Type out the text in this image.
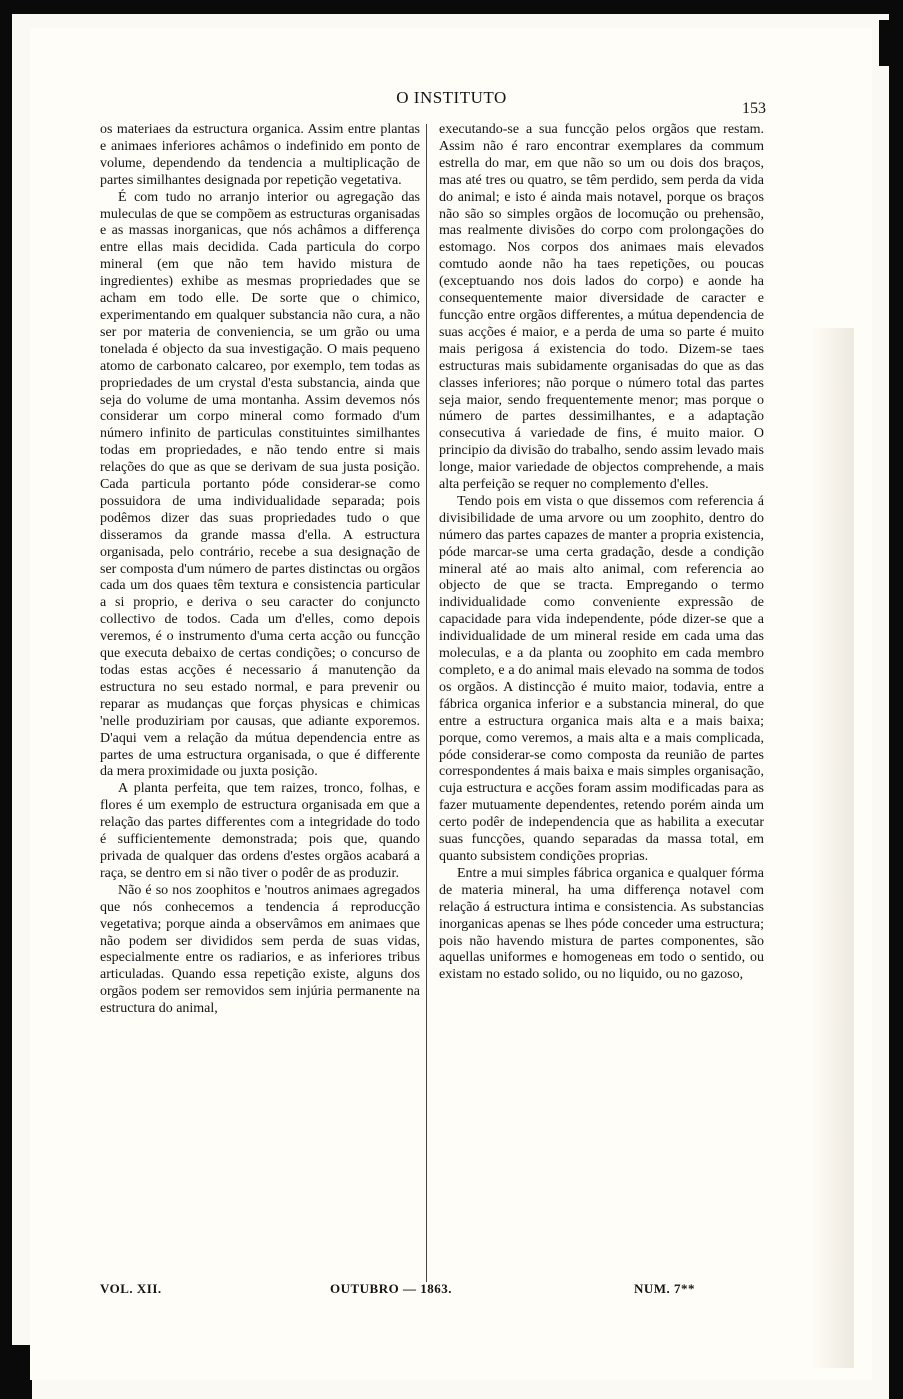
O INSTITUTO
153

os materiaes da estructura organica. Assim entre plantas e animaes inferiores achâmos o indefinido em ponto de volume, dependendo da tendencia a multiplicação de partes similhantes designada por repetição vegetativa.

É com tudo no arranjo interior ou agregação das muleculas de que se compõem as estructuras organisadas e as massas inorganicas, que nós achâmos a differença entre ellas mais decidida. Cada particula do corpo mineral (em que não tem havido mistura de ingredientes) exhibe as mesmas propriedades que se acham em todo elle. De sorte que o chimico, experimentando em qualquer substancia não cura, a não ser por materia de conveniencia, se um grão ou uma tonelada é objecto da sua investigação. O mais pequeno atomo de carbonato calcareo, por exemplo, tem todas as propriedades de um crystal d'esta substancia, ainda que seja do volume de uma montanha. Assim devemos nós considerar um corpo mineral como formado d'um número infinito de particulas constituintes similhantes todas em propriedades, e não tendo entre si mais relações do que as que se derivam de sua justa posição. Cada particula portanto póde considerar-se como possuidora de uma individualidade separada; pois podêmos dizer das suas propriedades tudo o que disseramos da grande massa d'ella. A estructura organisada, pelo contrário, recebe a sua designação de ser composta d'um número de partes distinctas ou orgãos cada um dos quaes têm textura e consistencia particular a si proprio, e deriva o seu caracter do conjuncto collectivo de todos. Cada um d'elles, como depois veremos, é o instrumento d'uma certa acção ou funcção que executa debaixo de certas condições; o concurso de todas estas acções é necessario á manutenção da estructura no seu estado normal, e para prevenir ou reparar as mudanças que forças physicas e chimicas 'nelle produziriam por causas, que adiante exporemos. D'aqui vem a relação da mútua dependencia entre as partes de uma estructura organisada, o que é differente da mera proximidade ou juxta posição.

A planta perfeita, que tem raizes, tronco, folhas, e flores é um exemplo de estructura organisada em que a relação das partes differentes com a integridade do todo é sufficientemente demonstrada; pois que, quando privada de qualquer das ordens d'estes orgãos acabará a raça, se dentro em si não tiver o podêr de as produzir.

Não é so nos zoophitos e 'noutros animaes agregados que nós conhecemos a tendencia á reproducção vegetativa; porque ainda a observâmos em animaes que não podem ser divididos sem perda de suas vidas, especialmente entre os radiarios, e as inferiores tribus articuladas. Quando essa repetição existe, alguns dos orgãos podem ser removidos sem injúria permanente na estructura do animal,

executando-se a sua funcção pelos orgãos que restam. Assim não é raro encontrar exemplares da commum estrella do mar, em que não so um ou dois dos braços, mas até tres ou quatro, se têm perdido, sem perda da vida do animal; e isto é ainda mais notavel, porque os braços não são so simples orgãos de locomução ou prehensão, mas realmente divisões do corpo com prolongações do estomago. Nos corpos dos animaes mais elevados comtudo aonde não ha taes repetições, ou poucas (exceptuando nos dois lados do corpo) e aonde ha consequentemente maior diversidade de caracter e funcção entre orgãos differentes, a mútua dependencia de suas acções é maior, e a perda de uma so parte é muito mais perigosa á existencia do todo. Dizem-se taes estructuras mais subidamente organisadas do que as das classes inferiores; não porque o número total das partes seja maior, sendo frequentemente menor; mas porque o número de partes dessimilhantes, e a adaptação consecutiva á variedade de fins, é muito maior. O principio da divisão do trabalho, sendo assim levado mais longe, maior variedade de objectos comprehende, a mais alta perfeição se requer no complemento d'elles.

Tendo pois em vista o que dissemos com referencia á divisibilidade de uma arvore ou um zoophito, dentro do número das partes capazes de manter a propria existencia, póde marcar-se uma certa gradação, desde a condição mineral até ao mais alto animal, com referencia ao objecto de que se tracta. Empregando o termo individualidade como conveniente expressão de capacidade para vida independente, póde dizer-se que a individualidade de um mineral reside em cada uma das moleculas, e a da planta ou zoophito em cada membro completo, e a do animal mais elevado na somma de todos os orgãos. A distincção é muito maior, todavia, entre a fábrica organica inferior e a substancia mineral, do que entre a estructura organica mais alta e a mais baixa; porque, como veremos, a mais alta e a mais complicada, póde considerar-se como composta da reunião de partes correspondentes á mais baixa e mais simples organisação, cuja estructura e acções foram assim modificadas para as fazer mutuamente dependentes, retendo porém ainda um certo podêr de independencia que as habilita a executar suas funcções, quando separadas da massa total, em quanto subsistem condições proprias.

Entre a mui simples fábrica organica e qualquer fórma de materia mineral, ha uma differença notavel com relação á estructura intima e consistencia. As substancias inorganicas apenas se lhes póde conceder uma estructura; pois não havendo mistura de partes componentes, são aquellas uniformes e homogeneas em todo o sentido, ou existam no estado solido, ou no liquido, ou no gazoso,

VOL. XII.	OUTUBRO — 1863.	NUM. 7**
